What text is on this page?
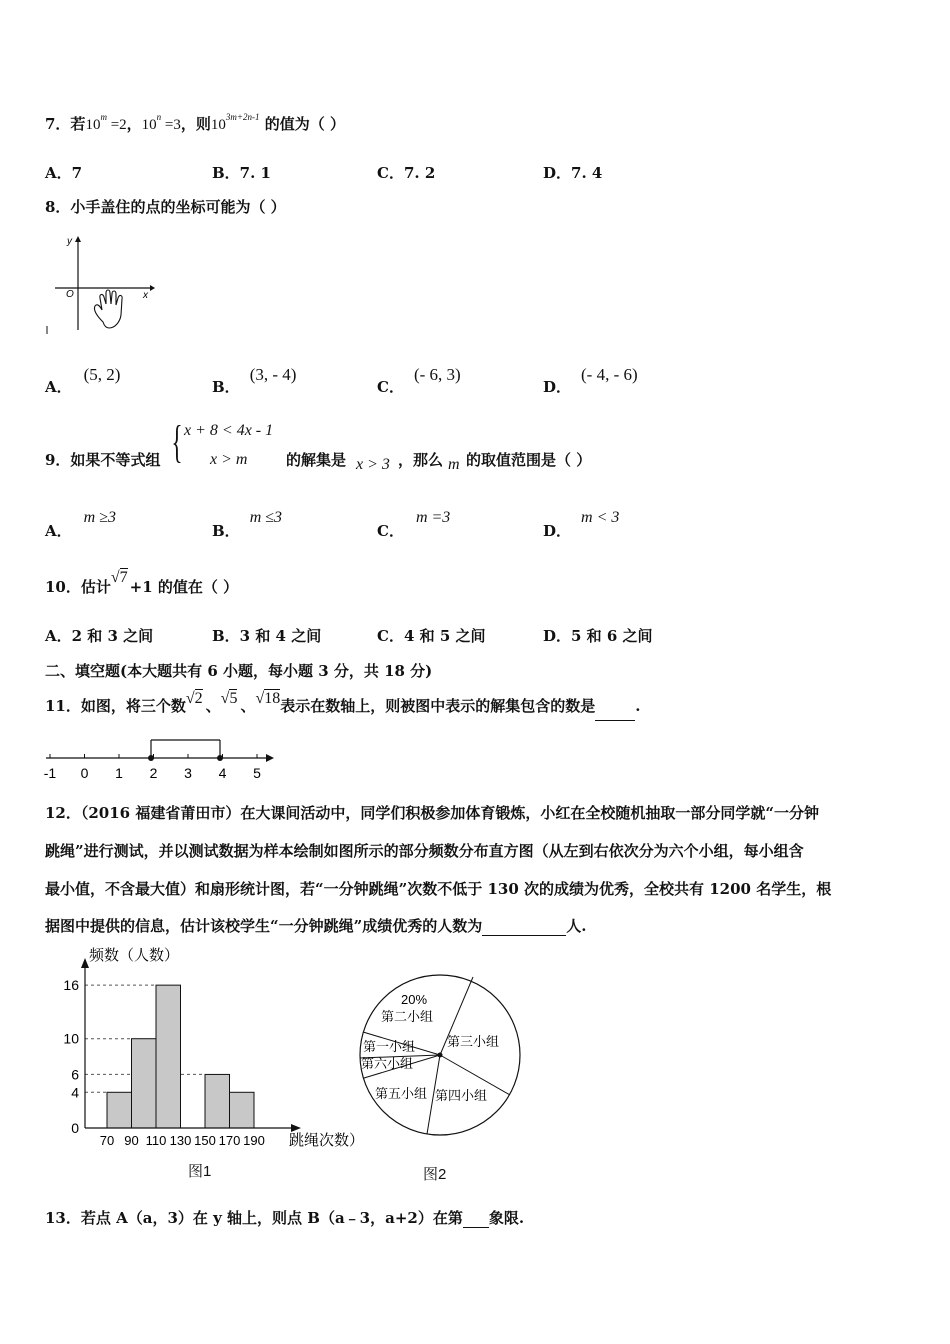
7．若$10^m =2$，$10^n =3$，则$10^{3m+2n-1}$ 的值为（ ）
A．7	B．7. 1	C．7. 2	D．7. 4
8．小手盖住的点的坐标可能为（ ）
y
O	x
A．(5, 2)
B．(3, - 4)
C．(- 6, 3)
D．(- 4, - 6)
9．如果不等式组 { x + 8 < 4x - 1
x > m	的解集是 x > 3 ，那么 m 的取值范围是（ ）
A．m ≥3
B．m ≤3
C．m =3
D．m < 3
10．估计√7+1 的值在（ ）
A．2 和 3 之间	B．3 和 4 之间	C．4 和 5 之间	D．5 和 6 之间
二、填空题(本大题共有 6 小题，每小题 3 分，共 18 分)
11．如图，将三个数√2 、√5 、√18表示在数轴上，则被图中表示的解集包含的数是	.
-1 0 1 2 3 4 5
12．（2016 福建省莆田市）在大课间活动中，同学们积极参加体育锻炼，小红在全校随机抽取一部分同学就“一分钟
跳绳”进行测试，并以测试数据为样本绘制如图所示的部分频数分布直方图（从左到右依次分为六个小组，每小组含
最小值，不含最大值）和扇形统计图，若“一分钟跳绳”次数不低于 130 次的成绩为优秀，全校共有 1200 名学生，根
据图中提供的信息，估计该校学生“一分钟跳绳”成绩优秀的人数为	人.
频数（人数）
0
4
6
10
16
70 90 110 130 150 170 190 跳绳次数）
图1
20%
第二小组
第三小组
第一小组
第六小组
第五小组 第四小组
图2
13．若点 A（a，3）在 y 轴上，则点 B（a﹣3，a+2）在第 象限.
